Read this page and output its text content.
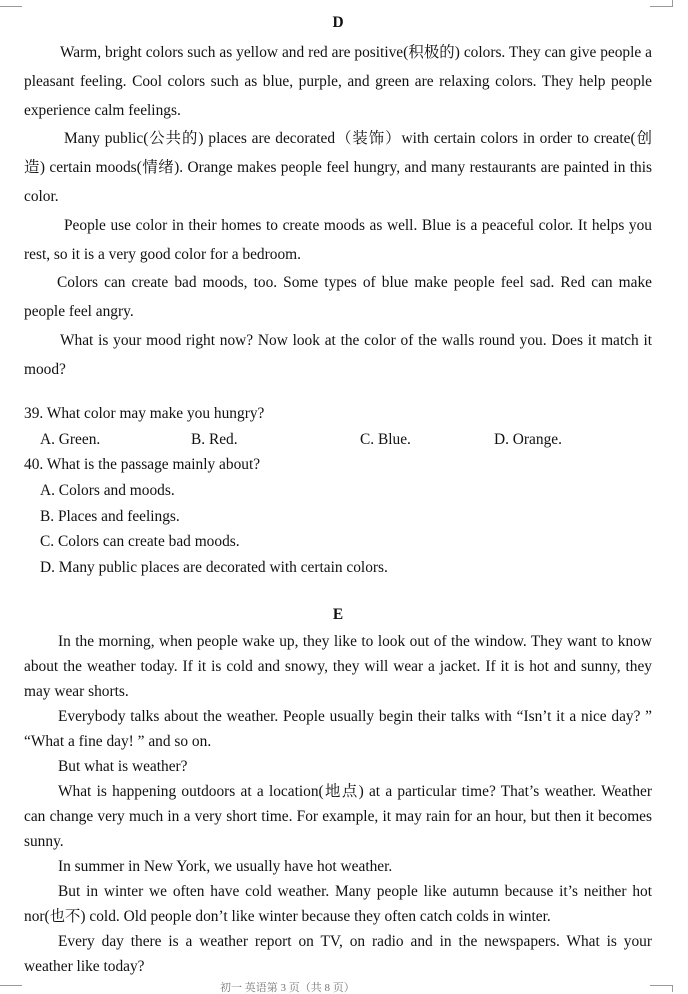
D

Warm, bright colors such as yellow and red are positive(积极的) colors. They can give people a pleasant feeling. Cool colors such as blue, purple, and green are relaxing colors. They help people experience calm feelings.

Many public(公共的) places are decorated（装饰）with certain colors in order to create(创造) certain moods(情绪). Orange makes people feel hungry, and many restaurants are painted in this color.

People use color in their homes to create moods as well. Blue is a peaceful color. It helps you rest, so it is a very good color for a bedroom.

Colors can create bad moods, too. Some types of blue make people feel sad. Red can make people feel angry.

What is your mood right now? Now look at the color of the walls round you. Does it match it mood?

39. What color may make you hungry?
A. Green.	B. Red.	C. Blue.	D. Orange.
40. What is the passage mainly about?
A. Colors and moods.
B. Places and feelings.
C. Colors can create bad moods.
D. Many public places are decorated with certain colors.
E

In the morning, when people wake up, they like to look out of the window. They want to know about the weather today. If it is cold and snowy, they will wear a jacket. If it is hot and sunny, they may wear shorts.

Everybody talks about the weather. People usually begin their talks with “Isn’t it a nice day? ” “What a fine day! ” and so on.

But what is weather?

What is happening outdoors at a location(地点) at a particular time? That’s weather. Weather can change very much in a very short time. For example, it may rain for an hour, but then it becomes sunny.

In summer in New York, we usually have hot weather.

But in winter we often have cold weather. Many people like autumn because it’s neither hot nor(也不) cold. Old people don’t like winter because they often catch colds in winter.

Every day there is a weather report on TV, on radio and in the newspapers. What is your weather like today?

初一 英语第 3 页（共 8 页）
